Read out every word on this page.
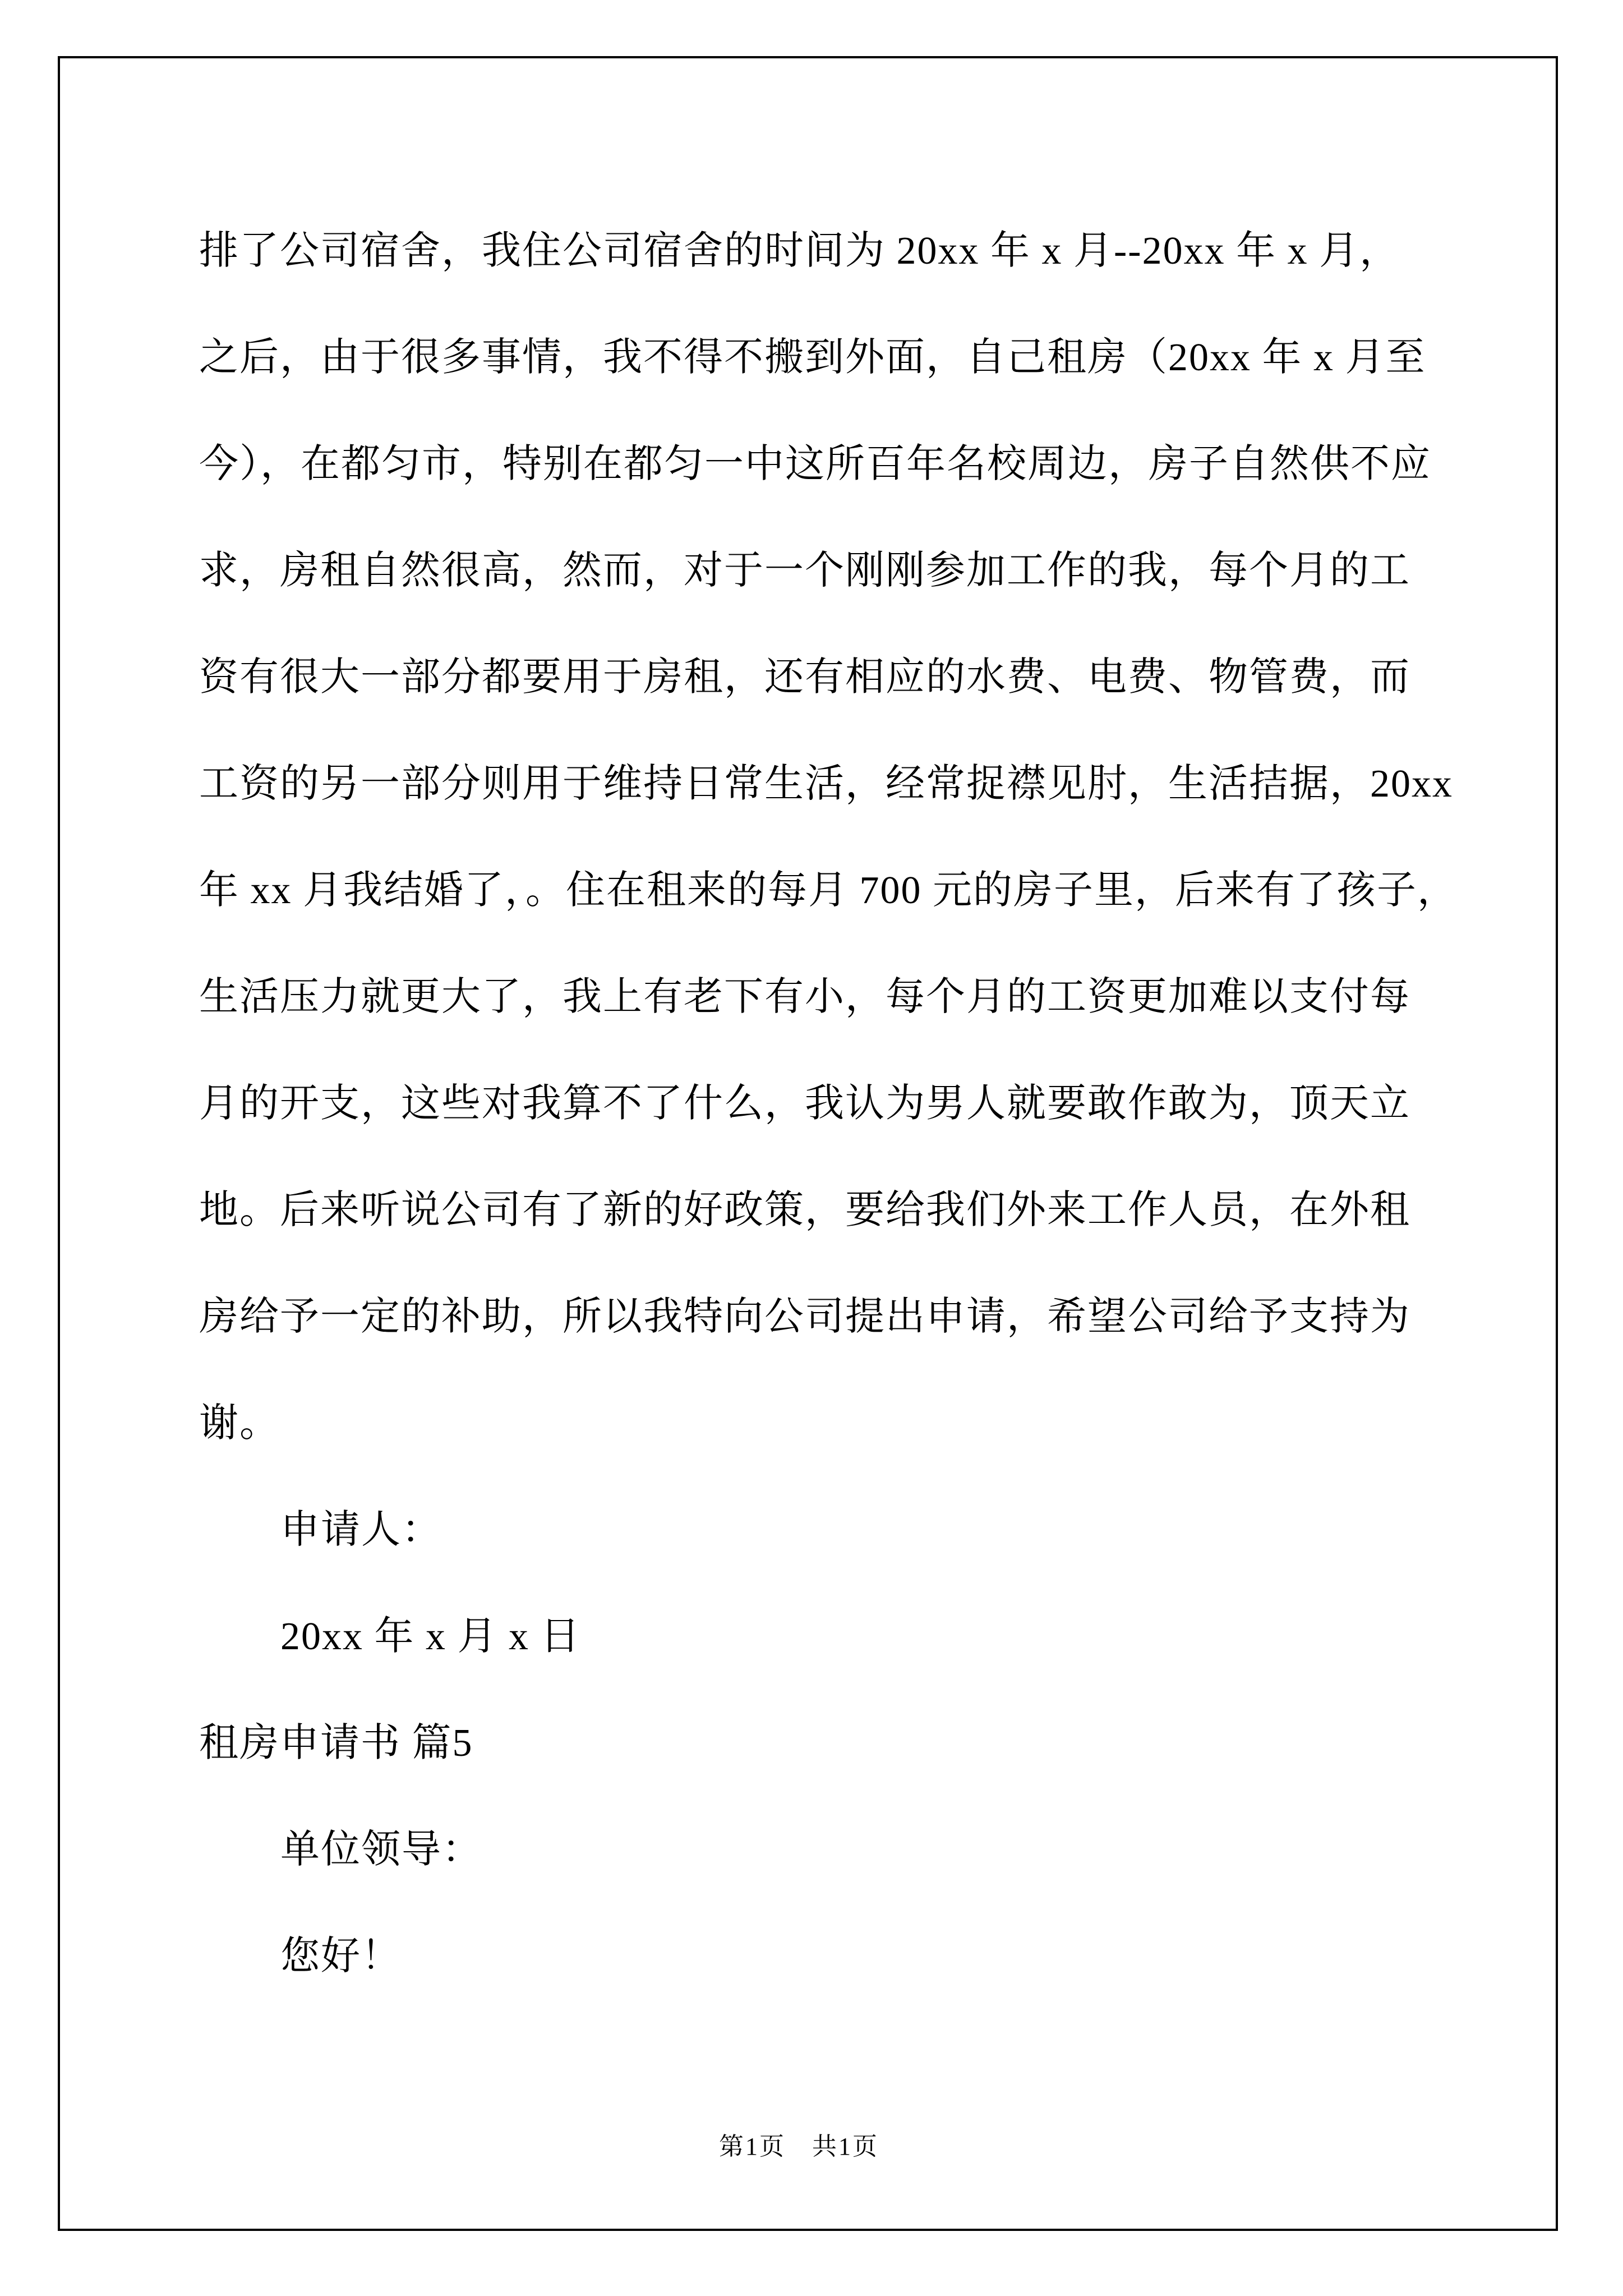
排了公司宿舍，我住公司宿舍的时间为 20xx 年 x 月--20xx 年 x 月，
之后，由于很多事情，我不得不搬到外面，自己租房（20xx 年 x 月至
今），在都匀市，特别在都匀一中这所百年名校周边，房子自然供不应
求，房租自然很高，然而，对于一个刚刚参加工作的我，每个月的工
资有很大一部分都要用于房租，还有相应的水费、电费、物管费，而
工资的另一部分则用于维持日常生活，经常捉襟见肘，生活拮据，20xx
年 xx 月我结婚了，。住在租来的每月 700 元的房子里，后来有了孩子，
生活压力就更大了，我上有老下有小，每个月的工资更加难以支付每
月的开支，这些对我算不了什么，我认为男人就要敢作敢为，顶天立
地。后来听说公司有了新的好政策，要给我们外来工作人员，在外租
房给予一定的补助，所以我特向公司提出申请，希望公司给予支持为
谢。
申请人：
20xx 年 x 月 x 日
租房申请书 篇5
单位领导：
您好！
第1页　共1页
